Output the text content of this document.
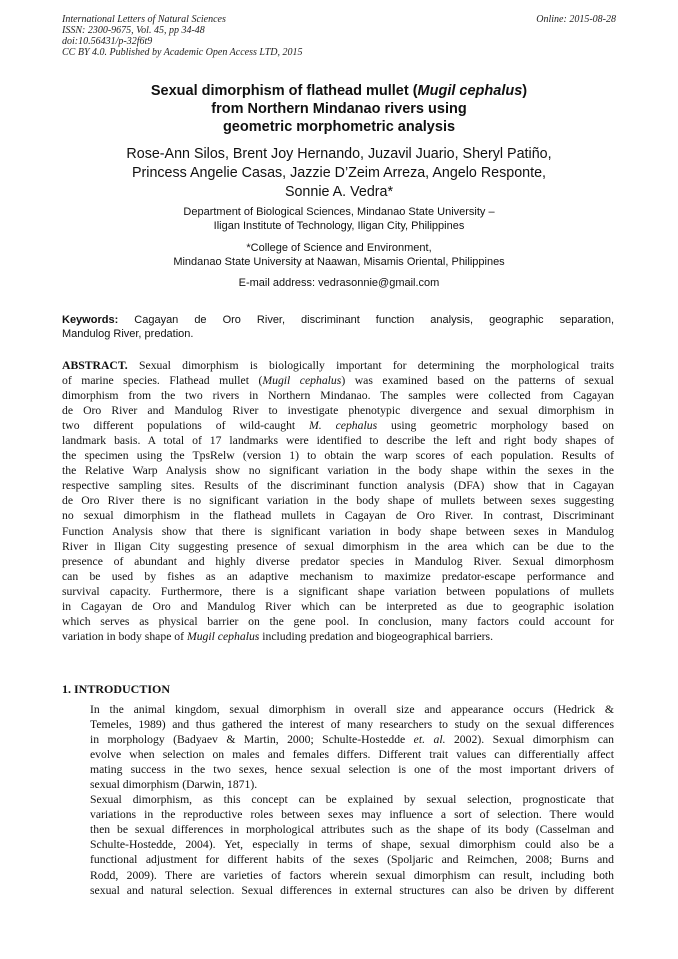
International Letters of Natural Sciences
ISSN: 2300-9675, Vol. 45, pp 34-48
doi:10.56431/p-32f6t9
CC BY 4.0. Published by Academic Open Access LTD, 2015
Online: 2015-08-28
Sexual dimorphism of flathead mullet (Mugil cephalus)
from Northern Mindanao rivers using
geometric morphometric analysis
Rose-Ann Silos, Brent Joy Hernando, Juzavil Juario, Sheryl Patiño,
Princess Angelie Casas, Jazzie D’Zeim Arreza, Angelo Responte,
Sonnie A. Vedra*
Department of Biological Sciences, Mindanao State University –
Iligan Institute of Technology, Iligan City, Philippines
*College of Science and Environment,
Mindanao State University at Naawan, Misamis Oriental, Philippines
E-mail address: vedrasonnie@gmail.com
Keywords: Cagayan de Oro River, discriminant function analysis, geographic separation,
Mandulog River, predation.
ABSTRACT. Sexual dimorphism is biologically important for determining the morphological traits
of marine species. Flathead mullet (Mugil cephalus) was examined based on the patterns of sexual
dimorphism from the two rivers in Northern Mindanao. The samples were collected from Cagayan
de Oro River and Mandulog River to investigate phenotypic divergence and sexual dimorphism in
two different populations of wild-caught M. cephalus using geometric morphology based on
landmark basis. A total of 17 landmarks were identified to describe the left and right body shapes of
the specimen using the TpsRelw (version 1) to obtain the warp scores of each population. Results of
the Relative Warp Analysis show no significant variation in the body shape within the sexes in the
respective sampling sites. Results of the discriminant function analysis (DFA) show that in Cagayan
de Oro River there is no significant variation in the body shape of mullets between sexes suggesting
no sexual dimorphism in the flathead mullets in Cagayan de Oro River. In contrast, Discriminant
Function Analysis show that there is significant variation in body shape between sexes in Mandulog
River in Iligan City suggesting presence of sexual dimorphism in the area which can be due to the
presence of abundant and highly diverse predator species in Mandulog River. Sexual dimorphosm
can be used by fishes as an adaptive mechanism to maximize predator-escape performance and
survival capacity. Furthermore, there is a significant shape variation between populations of mullets
in Cagayan de Oro and Mandulog River which can be interpreted as due to geographic isolation
which serves as physical barrier on the gene pool. In conclusion, many factors could account for
variation in body shape of Mugil cephalus including predation and biogeographical barriers.
1. INTRODUCTION

In the animal kingdom, sexual dimorphism in overall size and appearance occurs (Hedrick &
Temeles, 1989) and thus gathered the interest of many researchers to study on the sexual differences
in morphology (Badyaev & Martin, 2000; Schulte-Hostedde et. al. 2002). Sexual dimorphism can
evolve when selection on males and females differs. Different trait values can differentially affect
mating success in the two sexes, hence sexual selection is one of the most important drivers of
sexual dimorphism (Darwin, 1871).

Sexual dimorphism, as this concept can be explained by sexual selection, prognosticate that
variations in the reproductive roles between sexes may influence a sort of selection. There would
then be sexual differences in morphological attributes such as the shape of its body (Casselman and
Schulte-Hostedde, 2004). Yet, especially in terms of shape, sexual dimorphism could also be a
functional adjustment for different habits of the sexes (Spoljaric and Reimchen, 2008; Burns and
Rodd, 2009). There are varieties of factors wherein sexual dimorphism can result, including both
sexual and natural selection. Sexual differences in external structures can also be driven by different
